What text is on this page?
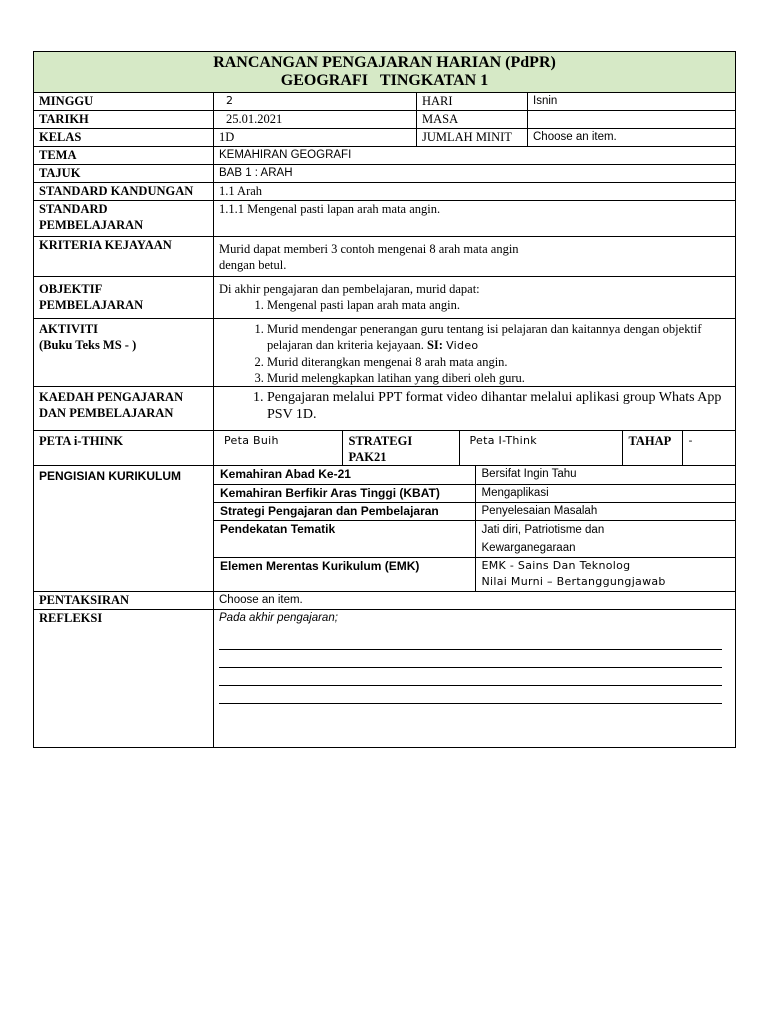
RANCANGAN PENGAJARAN HARIAN (PdPR)
GEOGRAFI TINGKATAN 1

MINGGU	2	HARI	Isnin
TARIKH	25.01.2021	MASA	
KELAS	1D	JUMLAH MINIT	Choose an item.
TEMA	KEMAHIRAN GEOGRAFI
TAJUK	BAB 1 : ARAH
STANDARD KANDUNGAN	1.1 Arah
STANDARD PEMBELAJARAN	1.1.1 Mengenal pasti lapan arah mata angin.
KRITERIA KEJAYAAN	Murid dapat memberi 3 contoh mengenai 8 arah mata angin dengan betul.
OBJEKTIF PEMBELAJARAN	
Di akhir pengajaran dan pembelajaran, murid dapat:
1. Mengenal pasti lapan arah mata angin.

AKTIVITI
(Buku Teks MS - )

1. Murid mendengar penerangan guru tentang isi pelajaran dan kaitannya dengan objektif pelajaran dan kriteria kejayaan. SI: Video
2. Murid diterangkan mengenai 8 arah mata angin.
3. Murid melengkapkan latihan yang diberi oleh guru.

KAEDAH PENGAJARAN DAN PEMBELAJARAN	
1. Pengajaran melalui PPT format video dihantar melalui aplikasi group Whats App PSV 1D.

PETA i-THINK		Peta Buih	STRATEGI PAK21	Peta I-Think	TAHAP	-

PENGISIAN KURIKULUM		Kemahiran Abad Ke-21	Bersifat Ingin Tahu
Kemahiran Berfikir Aras Tinggi (KBAT)	Mengaplikasi
Strategi Pengajaran dan Pembelajaran	Penyelesaian Masalah
Pendekatan Tematik	Jati diri, Patriotisme dan Kewarganegaraan
Elemen Merentas Kurikulum (EMK)	EMK - Sains Dan Teknolog
Nilai Murni – Bertanggungjawab

PENTAKSIRAN	Choose an item.
REFLEKSI	Pada akhir pengajaran;
